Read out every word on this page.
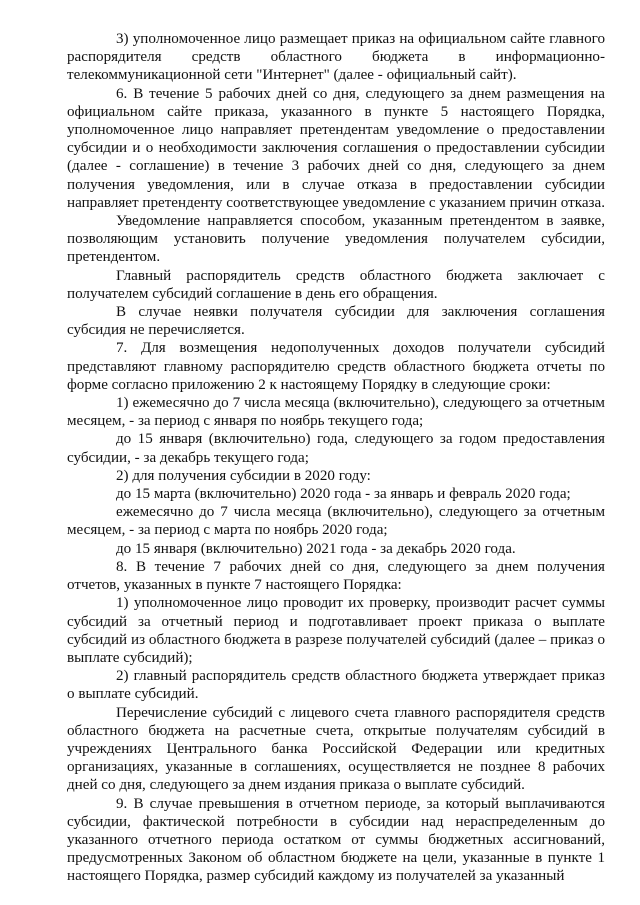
3) уполномоченное лицо размещает приказ на официальном сайте главного распорядителя средств областного бюджета в информационно-телекоммуникационной сети "Интернет" (далее - официальный сайт).

6. В течение 5 рабочих дней со дня, следующего за днем размещения на официальном сайте приказа, указанного в пункте 5 настоящего Порядка, уполномоченное лицо направляет претендентам уведомление о предоставлении субсидии и о необходимости заключения соглашения о предоставлении субсидии (далее - соглашение) в течение 3 рабочих дней со дня, следующего за днем получения уведомления, или в случае отказа в предоставлении субсидии направляет претенденту соответствующее уведомление с указанием причин отказа.

Уведомление направляется способом, указанным претендентом в заявке, позволяющим установить получение уведомления получателем субсидии, претендентом.

Главный распорядитель средств областного бюджета заключает с получателем субсидий соглашение в день его обращения.

В случае неявки получателя субсидии для заключения соглашения субсидия не перечисляется.

7. Для возмещения недополученных доходов получатели субсидий представляют главному распорядителю средств областного бюджета отчеты по форме согласно приложению 2 к настоящему Порядку в следующие сроки:

1) ежемесячно до 7 числа месяца (включительно), следующего за отчетным месяцем, - за период с января по ноябрь текущего года;

до 15 января (включительно) года, следующего за годом предоставления субсидии, - за декабрь текущего года;

2) для получения субсидии в 2020 году:

до 15 марта (включительно) 2020 года - за январь и февраль 2020 года;

ежемесячно до 7 числа месяца (включительно), следующего за отчетным месяцем, - за период с марта по ноябрь 2020 года;

до 15 января (включительно) 2021 года - за декабрь 2020 года.

8. В течение 7 рабочих дней со дня, следующего за днем получения отчетов, указанных в пункте 7 настоящего Порядка:

1) уполномоченное лицо проводит их проверку, производит расчет суммы субсидий за отчетный период и подготавливает проект приказа о выплате субсидий из областного бюджета в разрезе получателей субсидий (далее – приказ о выплате субсидий);

2) главный распорядитель средств областного бюджета утверждает приказ о выплате субсидий.

Перечисление субсидий с лицевого счета главного распорядителя средств областного бюджета на расчетные счета, открытые получателям субсидий в учреждениях Центрального банка Российской Федерации или кредитных организациях, указанные в соглашениях, осуществляется не позднее 8 рабочих дней со дня, следующего за днем издания приказа о выплате субсидий.

9. В случае превышения в отчетном периоде, за который выплачиваются субсидии, фактической потребности в субсидии над нераспределенным до указанного отчетного периода остатком от суммы бюджетных ассигнований, предусмотренных Законом об областном бюджете на цели, указанные в пункте 1 настоящего Порядка, размер субсидий каждому из получателей за указанный
